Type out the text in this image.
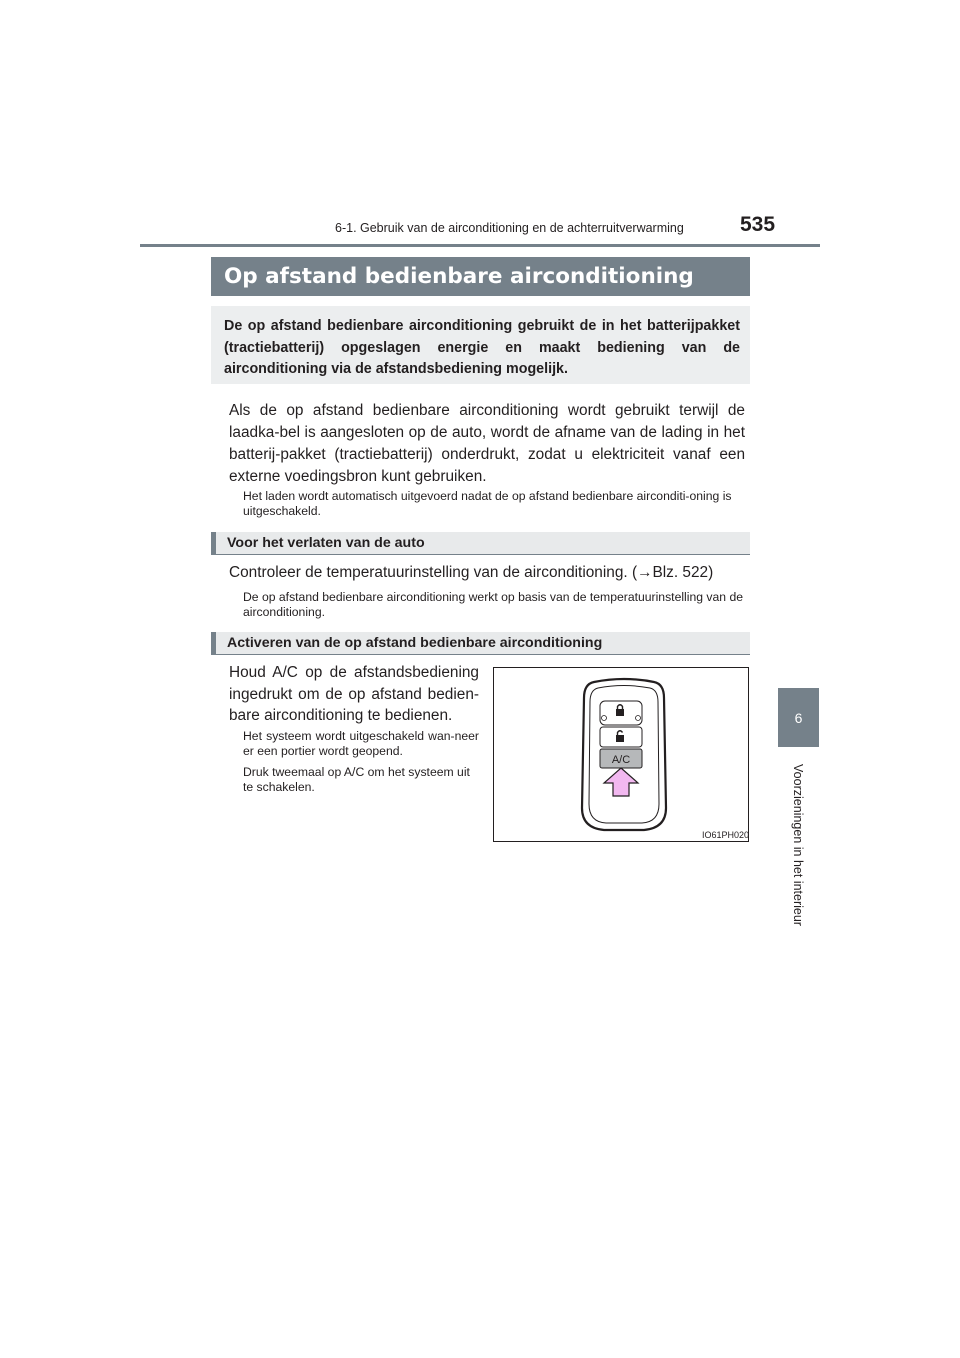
6-1. Gebruik van de airconditioning en de achterruitverwarming	535
6
Voorzieningen in het interieur
Op afstand bedienbare airconditioning
De op afstand bedienbare airconditioning gebruikt de in het batterijpakket (tractiebatterij) opgeslagen energie en maakt bediening van de airconditioning via de afstandsbediening mogelijk.
Als de op afstand bedienbare airconditioning wordt gebruikt terwijl de laadka-bel is aangesloten op de auto, wordt de afname van de lading in het batterij-pakket (tractiebatterij) onderdrukt, zodat u elektriciteit vanaf een externe voedingsbron kunt gebruiken.
Het laden wordt automatisch uitgevoerd nadat de op afstand bedienbare airconditi-oning is uitgeschakeld.
Voor het verlaten van de auto
Controleer de temperatuurinstelling van de airconditioning. (→Blz. 522)
De op afstand bedienbare airconditioning werkt op basis van de temperatuurinstelling van de airconditioning.
Activeren van de op afstand bedienbare airconditioning
Houd A/C op de afstandsbediening ingedrukt om de op afstand bedien-bare airconditioning te bedienen.
Het systeem wordt uitgeschakeld wan-neer er een portier wordt geopend.
Druk tweemaal op A/C om het systeem uit te schakelen.
A/C
IO61PH020
